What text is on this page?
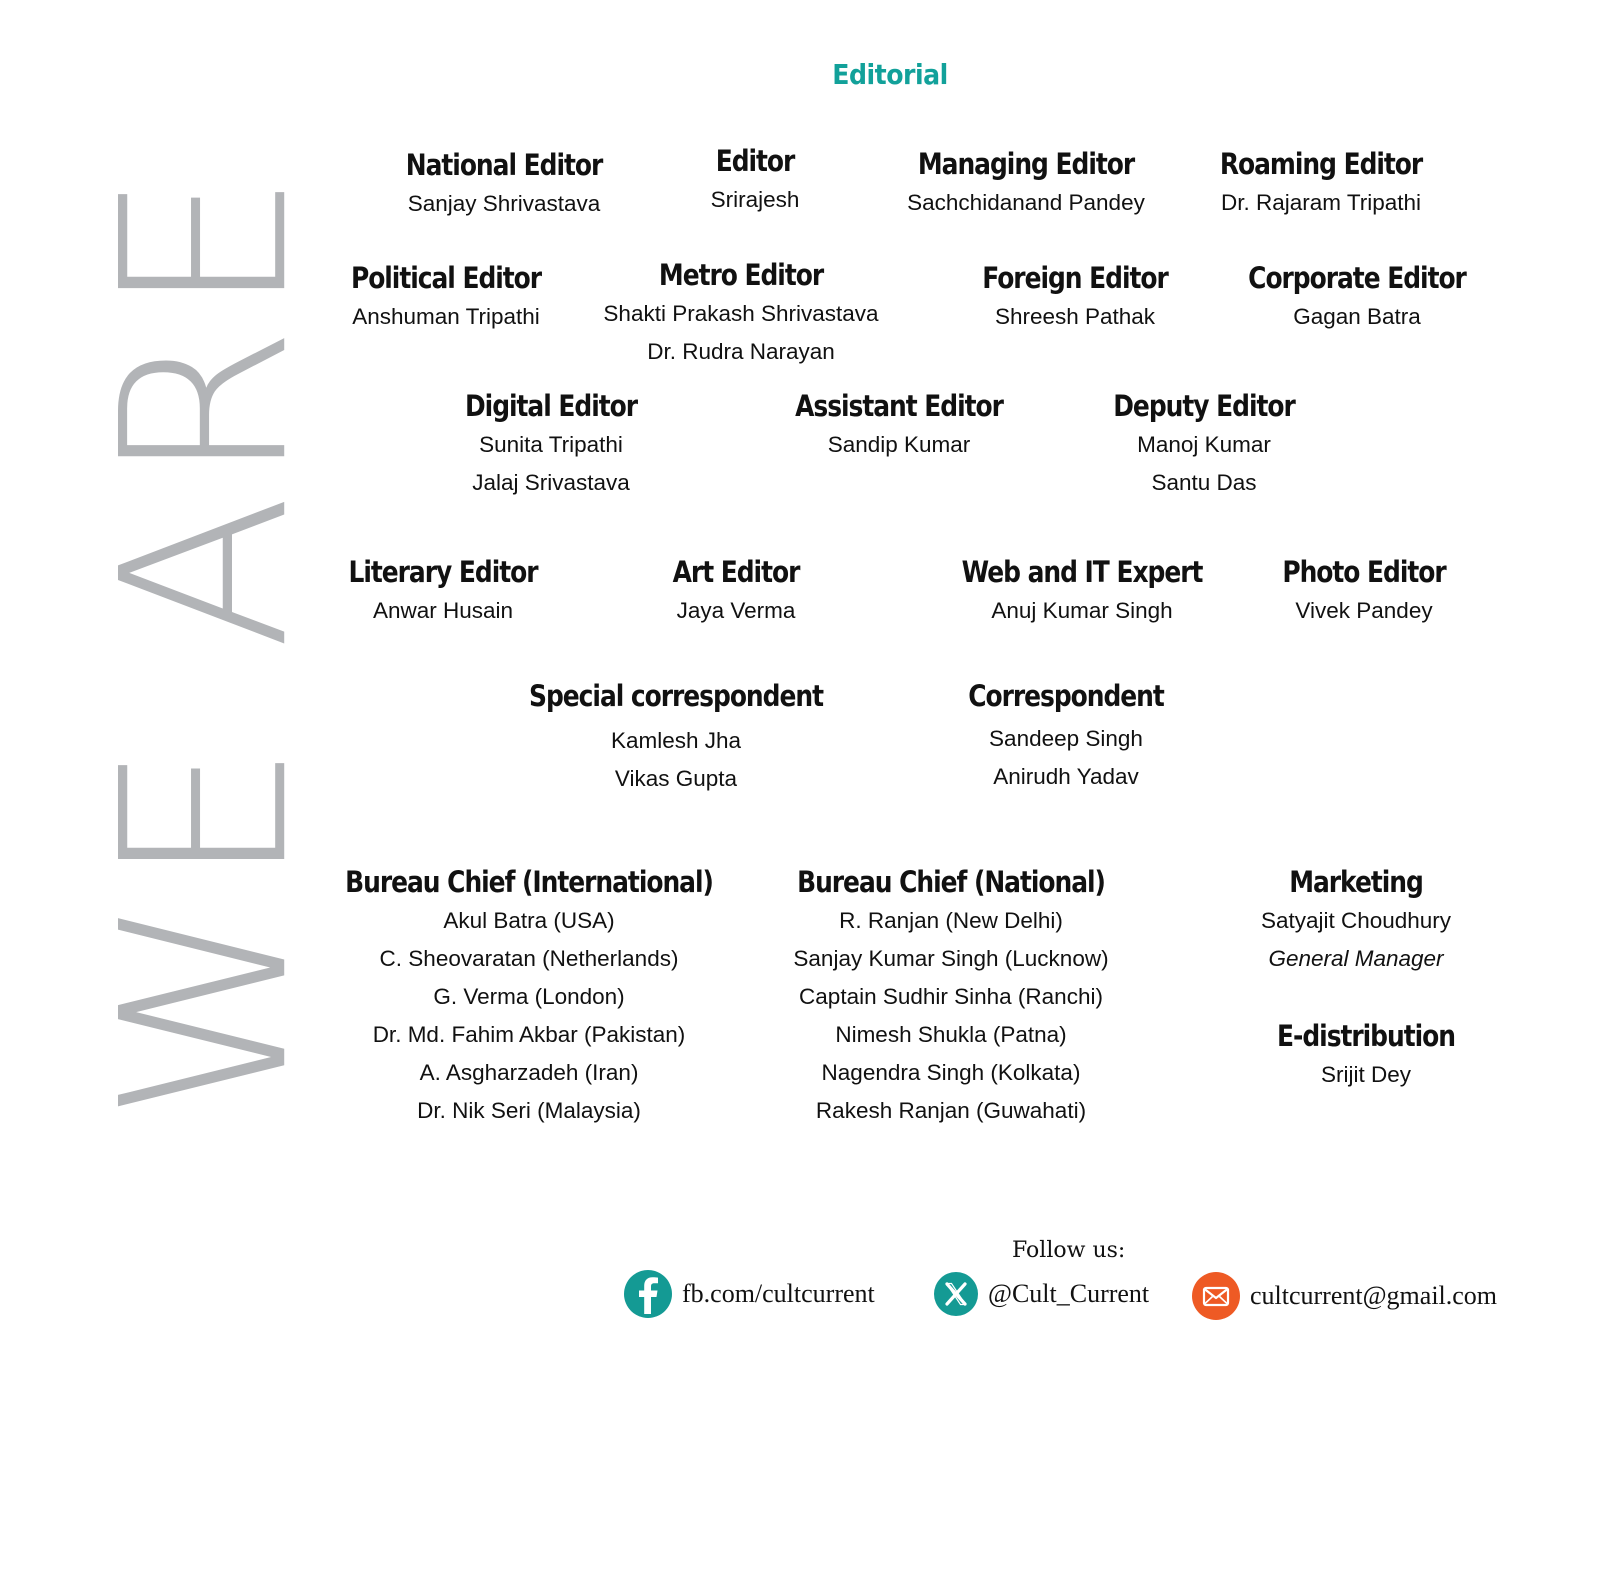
WE ARE
Editorial
National Editor
Sanjay Shrivastava
Editor
Srirajesh
Managing Editor
Sachchidanand Pandey
Roaming Editor
Dr. Rajaram Tripathi
Political Editor
Anshuman Tripathi
Metro Editor
Shakti Prakash Shrivastava
Dr. Rudra Narayan
Foreign Editor
Shreesh Pathak
Corporate Editor
Gagan Batra
Digital Editor
Sunita Tripathi
Jalaj Srivastava
Assistant Editor
Sandip Kumar
Deputy Editor
Manoj Kumar
Santu Das
Literary Editor
Anwar Husain
Art Editor
Jaya Verma
Web and IT Expert
Anuj Kumar Singh
Photo Editor
Vivek Pandey
Special correspondent
Kamlesh Jha
Vikas Gupta
Correspondent
Sandeep Singh
Anirudh Yadav
Bureau Chief (International)
Akul Batra (USA)
C. Sheovaratan (Netherlands)
G. Verma (London)
Dr. Md. Fahim Akbar (Pakistan)
A. Asgharzadeh (Iran)
Dr. Nik Seri (Malaysia)
Bureau Chief (National)
R. Ranjan (New Delhi)
Sanjay Kumar Singh (Lucknow)
Captain Sudhir Sinha (Ranchi)
Nimesh Shukla (Patna)
Nagendra Singh (Kolkata)
Rakesh Ranjan (Guwahati)
Marketing
Satyajit Choudhury
General Manager
E-distribution
Srijit Dey
Follow us:
fb.com/cultcurrent	@Cult_Current	cultcurrent@gmail.com
